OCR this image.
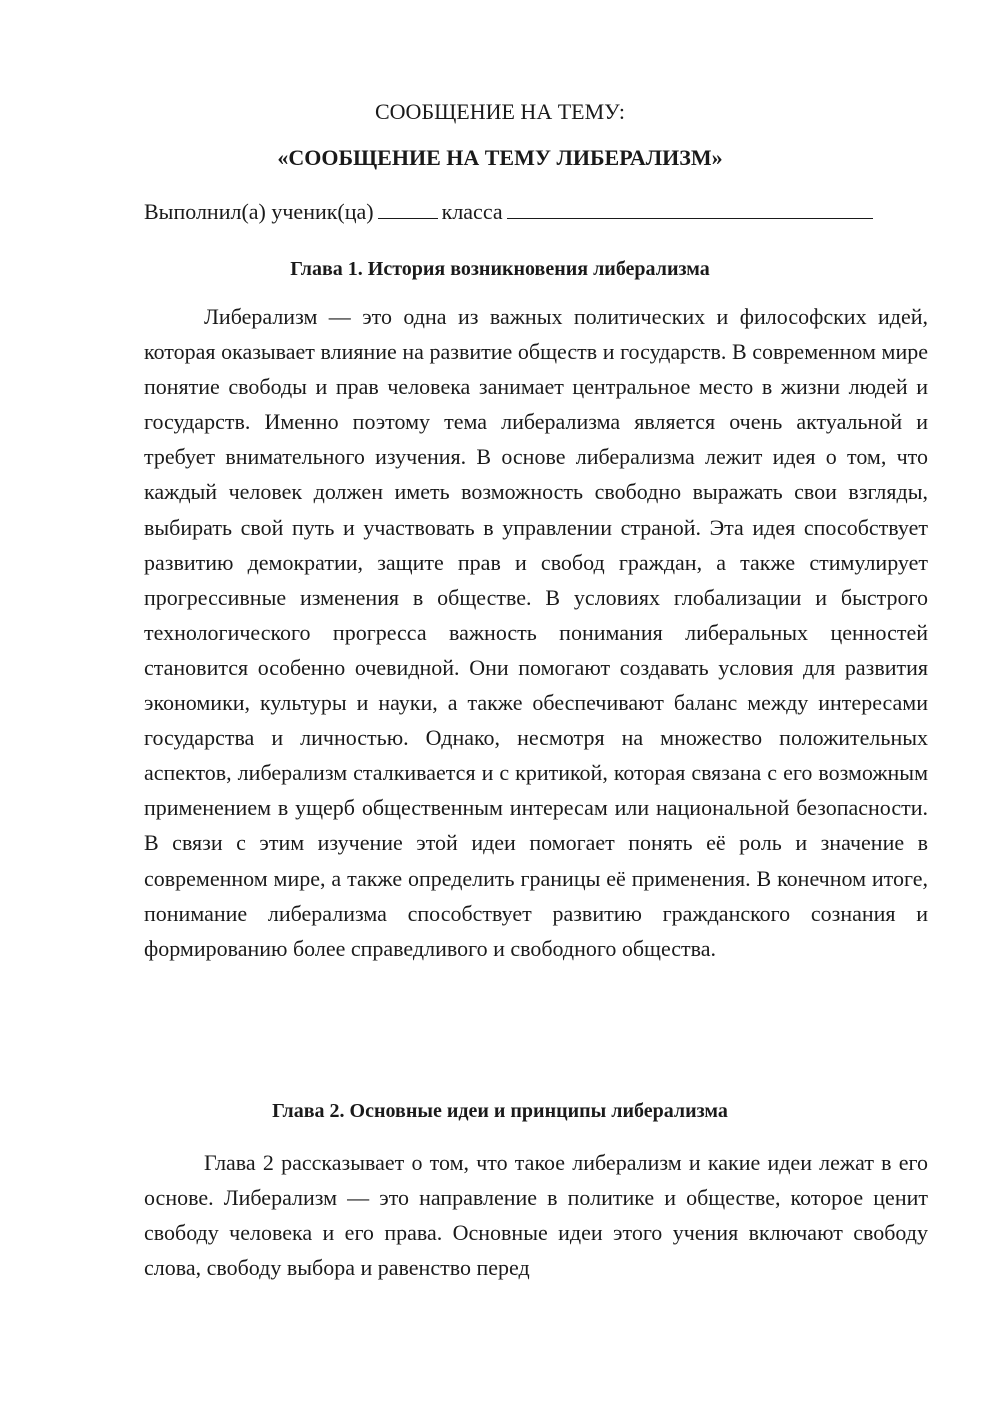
СООБЩЕНИЕ НА ТЕМУ:
«СООБЩЕНИЕ НА ТЕМУ ЛИБЕРАЛИЗМ»
Выполнил(а) ученик(ца)	класса
Глава 1. История возникновения либерализма

Либерализм — это одна из важных политических и философских идей, которая оказывает влияние на развитие обществ и государств. В современном мире понятие свободы и прав человека занимает центральное место в жизни людей и государств. Именно поэтому тема либерализма является очень актуальной и требует внимательного изучения. В основе либерализма лежит идея о том, что каждый человек должен иметь возможность свободно выражать свои взгляды, выбирать свой путь и участвовать в управлении страной. Эта идея способствует развитию демократии, защите прав и свобод граждан, а также стимулирует прогрессивные изменения в обществе. В условиях глобализации и быстрого технологического прогресса важность понимания либеральных ценностей становится особенно очевидной. Они помогают создавать условия для развития экономики, культуры и науки, а также обеспечивают баланс между интересами государства и личностью. Однако, несмотря на множество положительных аспектов, либерализм сталкивается и с критикой, которая связана с его возможным применением в ущерб общественным интересам или национальной безопасности. В связи с этим изучение этой идеи помогает понять её роль и значение в современном мире, а также определить границы её применения. В конечном итоге, понимание либерализма способствует развитию гражданского сознания и формированию более справедливого и свободного общества.

Глава 2. Основные идеи и принципы либерализма

Глава 2 рассказывает о том, что такое либерализм и какие идеи лежат в его основе. Либерализм — это направление в политике и обществе, которое ценит свободу человека и его права. Основные идеи этого учения включают свободу слова, свободу выбора и равенство перед
